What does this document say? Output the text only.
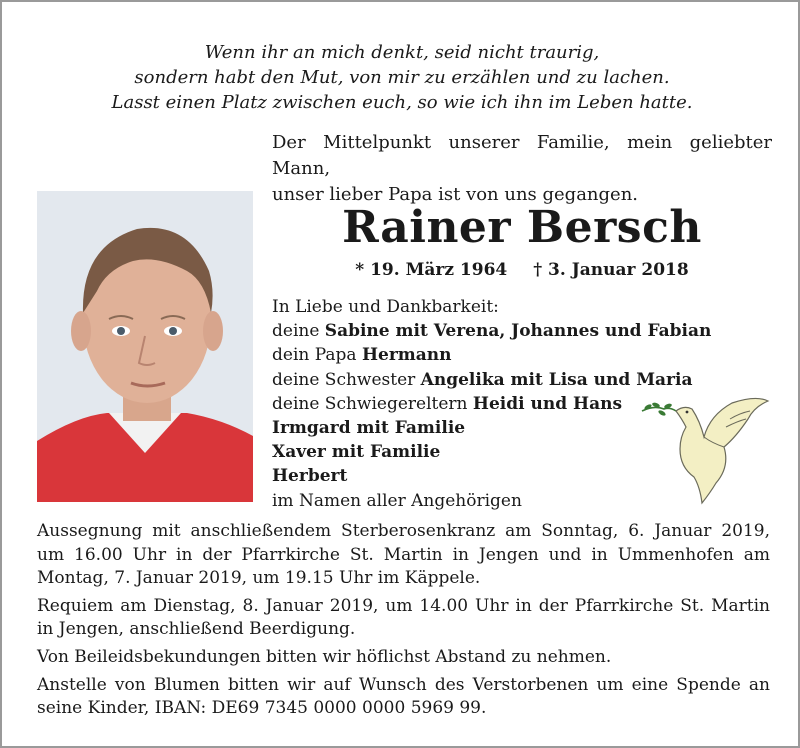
Wenn ihr an mich denkt, seid nicht traurig,
sondern habt den Mut, von mir zu erzählen und zu lachen.
Lasst einen Platz zwischen euch, so wie ich ihn im Leben hatte.
Der Mittelpunkt unserer Familie, mein geliebter Mann,
unser lieber Papa ist von uns gegangen.
Rainer Bersch
* 19. März 1964 † 3. Januar 2018
In Liebe und Dankbarkeit:
deine Sabine mit Verena, Johannes und Fabian
dein Papa Hermann
deine Schwester Angelika mit Lisa und Maria
deine Schwiegereltern Heidi und Hans
Irmgard mit Familie
Xaver mit Familie
Herbert
im Namen aller Angehörigen

Aussegnung mit anschließendem Sterberosenkranz am Sonntag, 6. Januar 2019,
um 16.00 Uhr in der Pfarrkirche St. Martin in Jengen und in Ummenhofen am
Montag, 7. Januar 2019, um 19.15 Uhr im Käppele.

Requiem am Dienstag, 8. Januar 2019, um 14.00 Uhr in der Pfarrkirche St. Martin
in Jengen, anschließend Beerdigung.

Von Beileidsbekundungen bitten wir höflichst Abstand zu nehmen.

Anstelle von Blumen bitten wir auf Wunsch des Verstorbenen um eine Spende an
seine Kinder, IBAN: DE69 7345 0000 0000 5969 99.
